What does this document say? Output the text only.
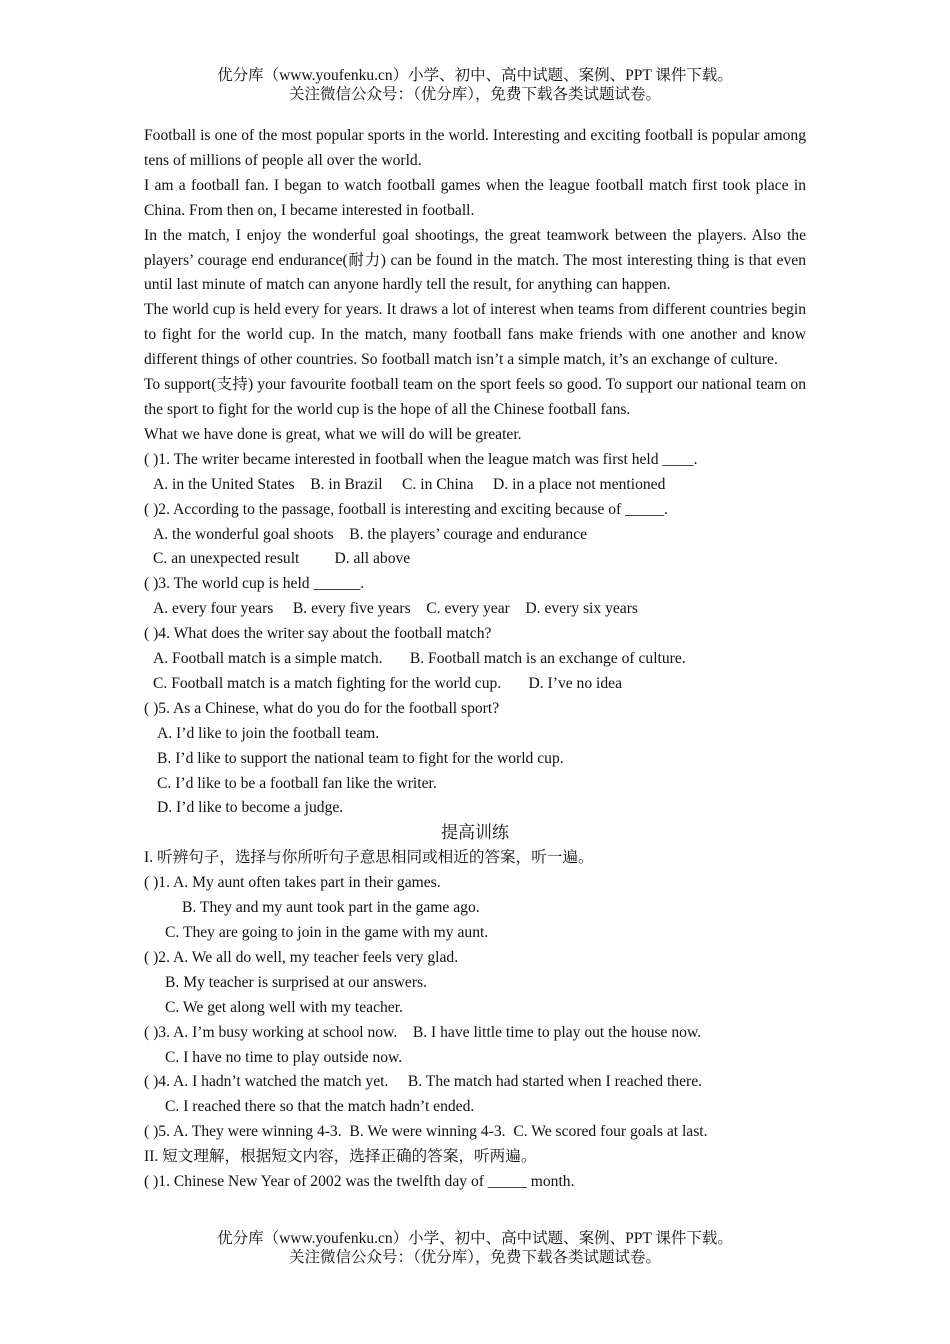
优分库（www.youfenku.cn）小学、初中、高中试题、案例、PPT 课件下载。
关注微信公众号：（优分库），免费下载各类试题试卷。
Football is one of the most popular sports in the world. Interesting and exciting football is popular among tens of millions of people all over the world.
I am a football fan. I began to watch football games when the league football match first took place in China. From then on, I became interested in football.
In the match, I enjoy the wonderful goal shootings, the great teamwork between the players. Also the players’ courage end endurance(耐力) can be found in the match. The most interesting thing is that even until last minute of match can anyone hardly tell the result, for anything can happen.
The world cup is held every for years. It draws a lot of interest when teams from different countries begin to fight for the world cup. In the match, many football fans make friends with one another and know different things of other countries. So football match isn’t a simple match, it’s an exchange of culture.
To support(支持) your favourite football team on the sport feels so good. To support our national team on the sport to fight for the world cup is the hope of all the Chinese football fans.
What we have done is great, what we will do will be greater.
( )1. The writer became interested in football when the league match was first held ____.
A. in the United States B. in Brazil C. in China D. in a place not mentioned
( )2. According to the passage, football is interesting and exciting because of _____.
A. the wonderful goal shoots B. the players’ courage and endurance
C. an unexpected result D. all above
( )3. The world cup is held ______.
A. every four years B. every five years C. every year D. every six years
( )4. What does the writer say about the football match?
A. Football match is a simple match. B. Football match is an exchange of culture.
C. Football match is a match fighting for the world cup. D. I’ve no idea
( )5. As a Chinese, what do you do for the football sport?
A. I’d like to join the football team.
B. I’d like to support the national team to fight for the world cup.
C. I’d like to be a football fan like the writer.
D. I’d like to become a judge.
提高训练
I. 听辨句子，选择与你所听句子意思相同或相近的答案，听一遍。
( )1. A. My aunt often takes part in their games.
B. They and my aunt took part in the game ago.
C. They are going to join in the game with my aunt.
( )2. A. We all do well, my teacher feels very glad.
B. My teacher is surprised at our answers.
C. We get along well with my teacher.
( )3. A. I’m busy working at school now. B. I have little time to play out the house now.
C. I have no time to play outside now.
( )4. A. I hadn’t watched the match yet. B. The match had started when I reached there.
C. I reached there so that the match hadn’t ended.
( )5. A. They were winning 4-3. B. We were winning 4-3. C. We scored four goals at last.
II. 短文理解，根据短文内容，选择正确的答案，听两遍。
( )1. Chinese New Year of 2002 was the twelfth day of _____ month.
优分库（www.youfenku.cn）小学、初中、高中试题、案例、PPT 课件下载。
关注微信公众号：（优分库），免费下载各类试题试卷。
